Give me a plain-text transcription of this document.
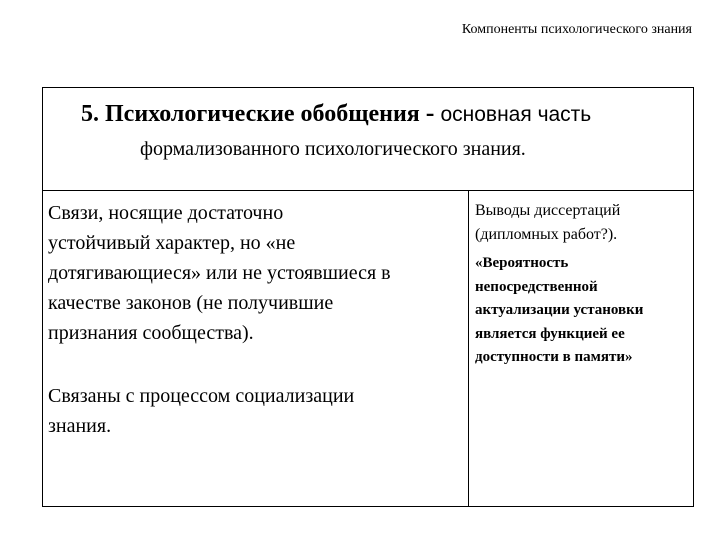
Компоненты психологического знания
5. Психологические обобщения - основная часть
формализованного психологического знания.

Связи, носящие достаточно
устойчивый характер, но «не
дотягивающиеся» или не устоявшиеся в
качестве законов (не получившие
признания сообщества).

Связаны с процессом социализации
знания.

Выводы диссертаций
(дипломных работ?).

«Вероятность
непосредственной
актуализации установки
является функцией ее
доступности в памяти»
